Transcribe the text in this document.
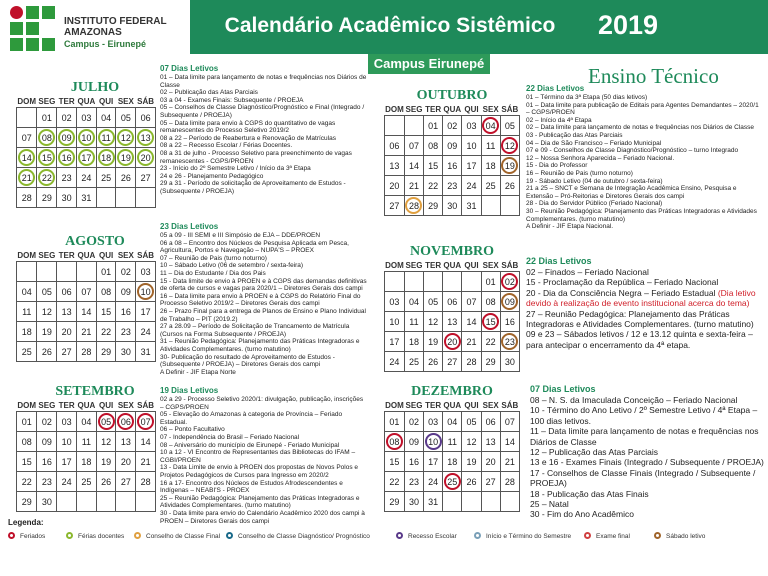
INSTITUTO FEDERAL
AMAZONAS
Campus - Eirunepé
Calendário Acadêmico Sistêmico	2019
Campus Eirunepé
Ensino Técnico
JULHO
DOM	SEG	TER	QUA	QUI	SEX	SÁB
	01	02	03	04	05	06
07	08	09	10	11	12	13
14	15	16	17	18	19	20
21	22	23	24	25	26	27
28	29	30	31			
AGOSTO
DOM	SEG	TER	QUA	QUI	SEX	SÁB
				01	02	03
04	05	06	07	08	09	10
11	12	13	14	15	16	17
18	19	20	21	22	23	24
25	26	27	28	29	30	31
SETEMBRO
DOM	SEG	TER	QUA	QUI	SEX	SÁB
01	02	03	04	05	06	07
08	09	10	11	12	13	14
15	16	17	18	19	20	21
22	23	24	25	26	27	28
29	30					
OUTUBRO
DOM	SEG	TER	QUA	QUI	SEX	SÁB
		01	02	03	04	05
06	07	08	09	10	11	12
13	14	15	16	17	18	19
20	21	22	23	24	25	26
27	28	29	30	31		
NOVEMBRO
DOM	SEG	TER	QUA	QUI	SEX	SÁB
					01	02
03	04	05	06	07	08	09
10	11	12	13	14	15	16
17	18	19	20	21	22	23
24	25	26	27	28	29	30
DEZEMBRO
DOM	SEG	TER	QUA	QUI	SEX	SÁB
01	02	03	04	05	06	07
08	09	10	11	12	13	14
15	16	17	18	19	20	21
22	23	24	25	26	27	28
29	30	31				
07 Dias Letivos
01 – Data limite para lançamento de notas e frequências nos Diários de Classe
02 – Publicação das Atas Parciais
03 a 04 - Exames Finais: Subsequente / PROEJA
05 – Conselhos de Classe Diagnóstico/Prognóstico e Final (Integrado / Subsequente / PROEJA)
05 – Data limite para envio à CGPS do quantitativo de vagas remanescentes do Processo Seletivo 2019/2
08 a 22 – Período de Reabertura e Renovação de Matrículas
08 a 22 – Recesso Escolar / Férias Docentes.
08 a 31 de julho - Processo Seletivo para preenchimento de vagas remanescentes - CGPS/PROEN
23 - Início do 2º Semestre Letivo / Início da 3ª Etapa
24 e 26 - Planejamento Pedagógico
29 a 31 - Período de solicitação de Aproveitamento de Estudos - (Subsequente / PROEJA)
23 Dias Letivos
05 a 09 - III SEMI e III Simpósio de EJA – DDE/PROEN
06 a 08 – Encontro dos Núcleos de Pesquisa Aplicada em Pesca, Agricultura, Portos e Navegação – NUPA'S – PROEX
07 – Reunião de Pais (turno noturno)
10 – Sábado Letivo (06 de setembro / sexta-feira)
11 – Dia do Estudante / Dia dos Pais
15 - Data limite de envio à PROEN e à CGPS das demandas definitivas de oferta de cursos e vagas para 2020/1 – Diretores Gerais dos campi
16 – Data limite para envio à PROEN e à CGPS do Relatório Final do Processo Seletivo 2019/2 – Diretores Gerais dos campi
26 – Prazo Final para a entrega de Planos de Ensino e Plano Individual de Trabalho – PIT (2019.2)
27 a 28.09 – Período de Solicitação de Trancamento de Matrícula (Cursos na Forma Subsequente / PROEJA)
31 – Reunião Pedagógica: Planejamento das Práticas Integradoras e Atividades Complementares. (turno matutino)
30- Publicação do resultado de Aproveitamento de Estudos - (Subsequente / PROEJA) – Diretores Gerais dos campi
A Definir - JIF Etapa Norte
19 Dias Letivos
02 a 29 - Processo Seletivo 2020/1: divulgação, publicação, inscrições – CGPS/PROEN
05 - Elevação do Amazonas à categoria de Província – Feriado Estadual.
06 – Ponto Facultativo
07 - Independência do Brasil – Feriado Nacional
08 – Aniversário do município de Eirunepé - Feriado Municipal
10 a 12 - VI Encontro de Representantes das Bibliotecas do IFAM – CGBI/PROEN
13 - Data Limite de envio à PROEN dos propostas de Novos Polos e Projetos Pedagógicos de Cursos para Ingresso em 2020/2
16 a 17- Encontro dos Núcleos de Estudos Afrodescendentes e Indígenas – NEABI'S - PROEX
25 – Reunião Pedagógica: Planejamento das Práticas Integradoras e Atividades Complementares. (turno matutino)
30 - Data limite para envio do Calendário Acadêmico 2020 dos campi à PROEN – Diretores Gerais dos campi
22 Dias Letivos
01 – Término da 3ª Etapa (50 dias letivos)
01 – Data limite para publicação de Editais para Agentes Demandantes – 2020/1 – CGPS/PROEN
02 – Início da 4ª Etapa
02 – Data limite para lançamento de notas e frequências nos Diários de Classe
03 - Publicação das Atas Parciais
04 – Dia de São Francisco – Feriado Municipal
07 e 09 - Conselhos de Classe Diagnóstico/Prognóstico – turno Integrado
12 – Nossa Senhora Aparecida – Feriado Nacional.
15 - Dia do Professor
16 – Reunião de Pais (turno noturno)
19 - Sábado Letivo (04 de outubro / sexta-feira)
21 a 25 – SNCT e Semana de Integração Acadêmica Ensino, Pesquisa e Extensão – Pró-Reitorias e Diretores Gerais dos campi
28 - Dia do Servidor Público (Feriado Nacional)
30 – Reunião Pedagógica: Planejamento das Práticas Integradoras e Atividades Complementares. (turno matutino)
A Definir - JIF Etapa Nacional.
22 Dias Letivos
02 – Finados – Feriado Nacional
15 - Proclamação da República – Feriado Nacional
20 - Dia da Consciência Negra – Feriado Estadual (Dia letivo devido à realização de evento institucional acerca do tema)
27 – Reunião Pedagógica: Planejamento das Práticas Integradoras e Atividades Complementares. (turno matutino)
09 e 23 – Sábados letivos / 12 e 13.12 quinta e sexta-feira – para antecipar o encerramento da 4ª etapa.
07 Dias Letivos
08 – N. S. da Imaculada Conceição – Feriado Nacional
10 - Término do Ano Letivo / 2º Semestre Letivo / 4ª Etapa – 100 dias letivos.
11 – Data limite para lançamento de notas e frequências nos Diários de Classe
12 – Publicação das Atas Parciais
13 e 16 - Exames Finais (Integrado / Subsequente / PROEJA)
17 - Conselhos de Classe Finais (Integrado / Subsequente / PROEJA)
18 - Publicação das Atas Finais
25 – Natal
30 - Fim do Ano Acadêmico
Legenda:
Feriados	Férias docentes	Conselho de Classe Final	Conselho de Classe Diagnóstico/ Prognóstico	Recesso Escolar	Início e Término do Semestre	Exame final	Sábado letivo
